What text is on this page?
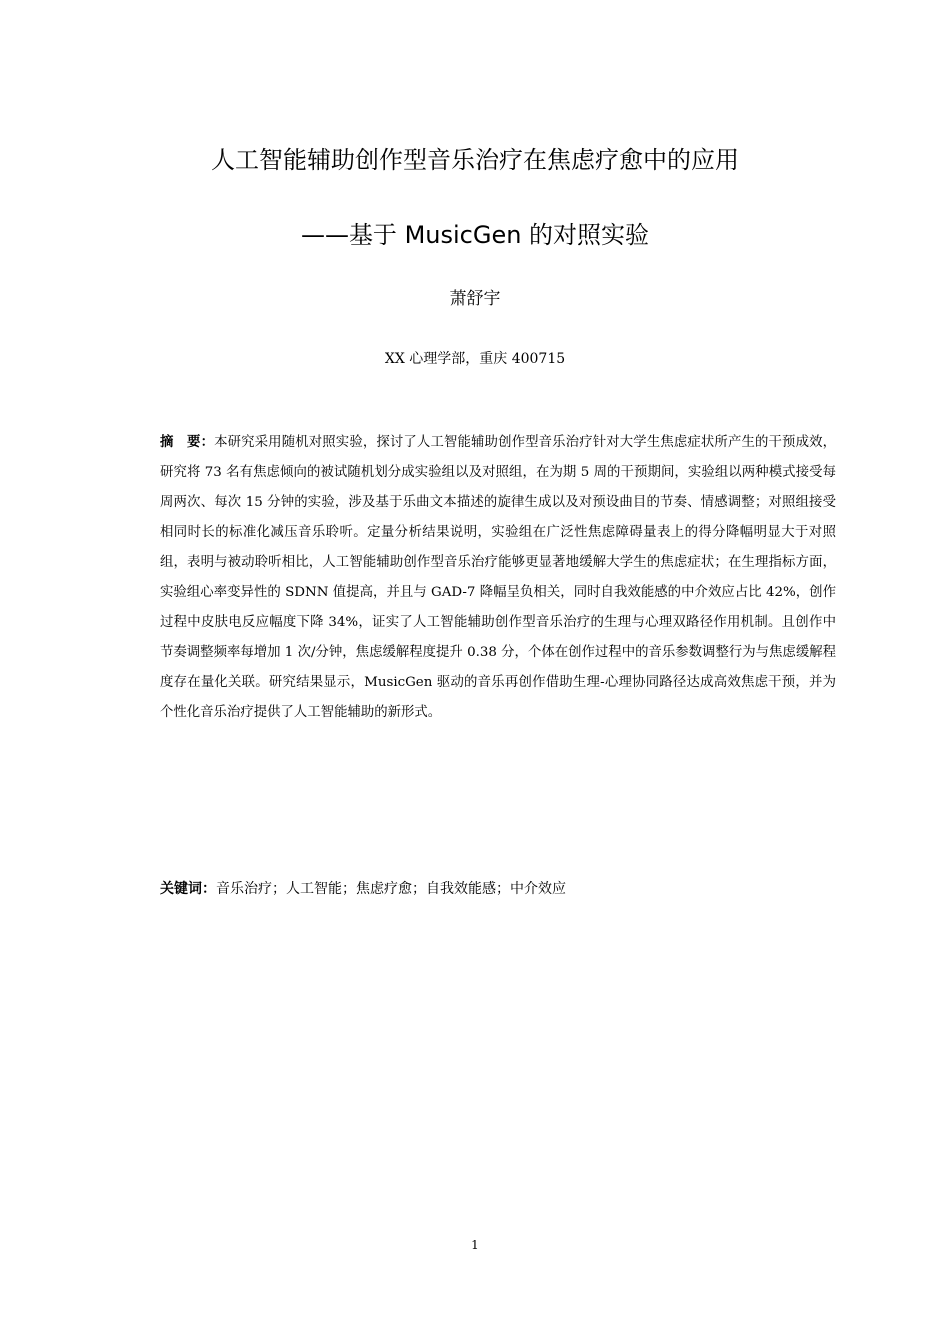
人工智能辅助创作型音乐治疗在焦虑疗愈中的应用
——基于 MusicGen 的对照实验
萧舒宇
XX 心理学部，重庆 400715

摘　要：本研究采用随机对照实验，探讨了人工智能辅助创作型音乐治疗针对大学生焦虑症状所产生的干预成效，研究将 73 名有焦虑倾向的被试随机划分成实验组以及对照组，在为期 5 周的干预期间，实验组以两种模式接受每周两次、每次 15 分钟的实验，涉及基于乐曲文本描述的旋律生成以及对预设曲目的节奏、情感调整；对照组接受相同时长的标准化减压音乐聆听。定量分析结果说明，实验组在广泛性焦虑障碍量表上的得分降幅明显大于对照组，表明与被动聆听相比，人工智能辅助创作型音乐治疗能够更显著地缓解大学生的焦虑症状；在生理指标方面，实验组心率变异性的 SDNN 值提高，并且与 GAD-7 降幅呈负相关，同时自我效能感的中介效应占比 42%，创作过程中皮肤电反应幅度下降 34%，证实了人工智能辅助创作型音乐治疗的生理与心理双路径作用机制。且创作中节奏调整频率每增加 1 次/分钟，焦虑缓解程度提升 0.38 分，个体在创作过程中的音乐参数调整行为与焦虑缓解程度存在量化关联。研究结果显示，MusicGen 驱动的音乐再创作借助生理-心理协同路径达成高效焦虑干预，并为个性化音乐治疗提供了人工智能辅助的新形式。

关键词：音乐治疗；人工智能；焦虑疗愈；自我效能感；中介效应

1
